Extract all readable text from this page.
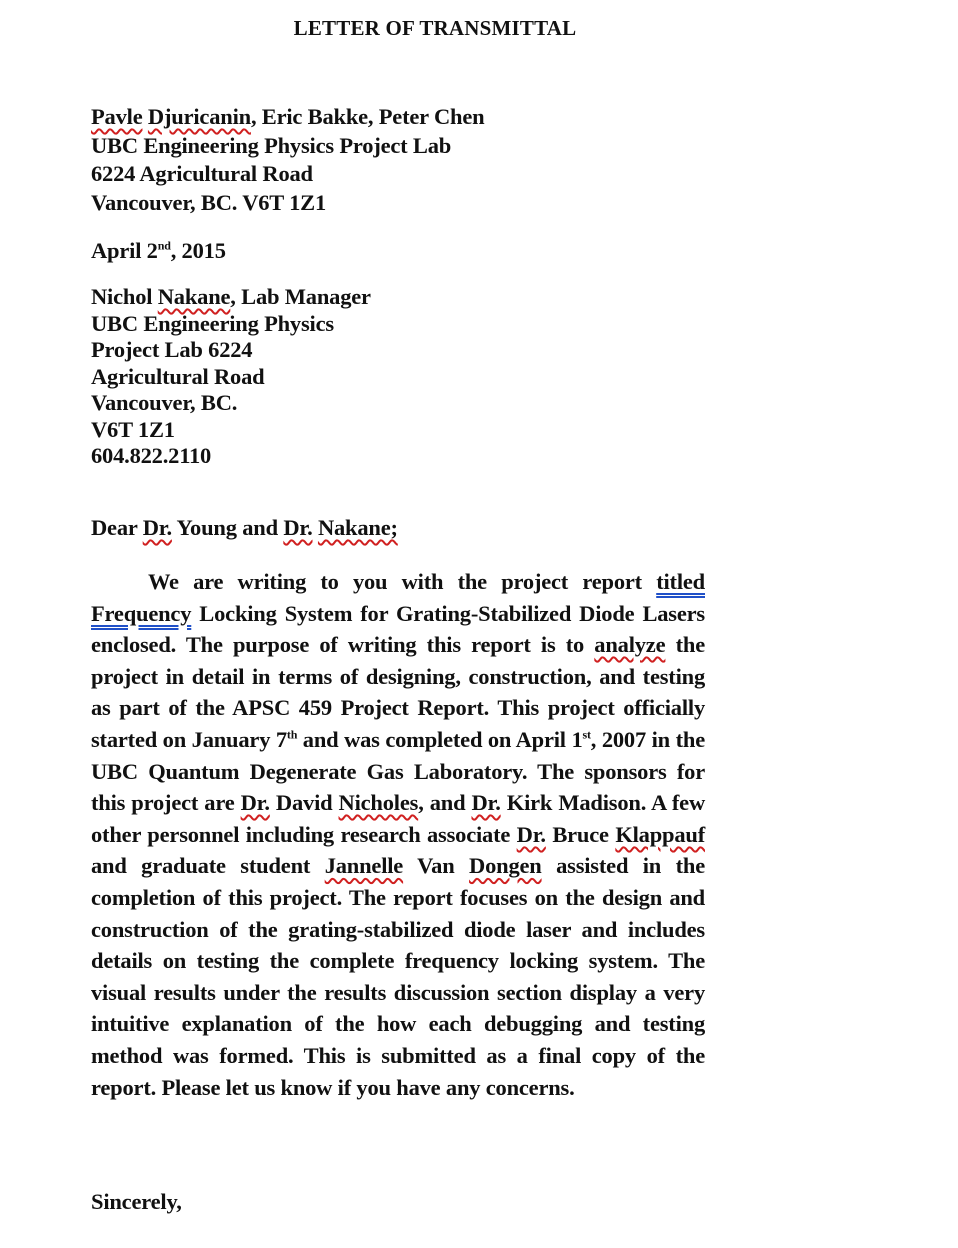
LETTER OF TRANSMITTAL
Pavle Djuricanin, Eric Bakke, Peter Chen
UBC Engineering Physics Project Lab
6224 Agricultural Road
Vancouver, BC. V6T 1Z1
April 2nd, 2015
Nichol Nakane, Lab Manager
UBC Engineering Physics
Project Lab 6224
Agricultural Road
Vancouver, BC.
V6T 1Z1
604.822.2110
Dear Dr. Young and Dr. Nakane;
We are writing to you with the project report titled Frequency Locking System for Grating-Stabilized Diode Lasers enclosed. The purpose of writing this report is to analyze the project in detail in terms of designing, construction, and testing as part of the APSC 459 Project Report. This project officially started on January 7th and was completed on April 1st, 2007 in the UBC Quantum Degenerate Gas Laboratory. The sponsors for this project are Dr. David Nicholes, and Dr. Kirk Madison. A few other personnel including research associate Dr. Bruce Klappauf and graduate student Jannelle Van Dongen assisted in the completion of this project. The report focuses on the design and construction of the grating-stabilized diode laser and includes details on testing the complete frequency locking system. The visual results under the results discussion section display a very intuitive explanation of the how each debugging and testing method was formed. This is submitted as a final copy of the report. Please let us know if you have any concerns.
Sincerely,
